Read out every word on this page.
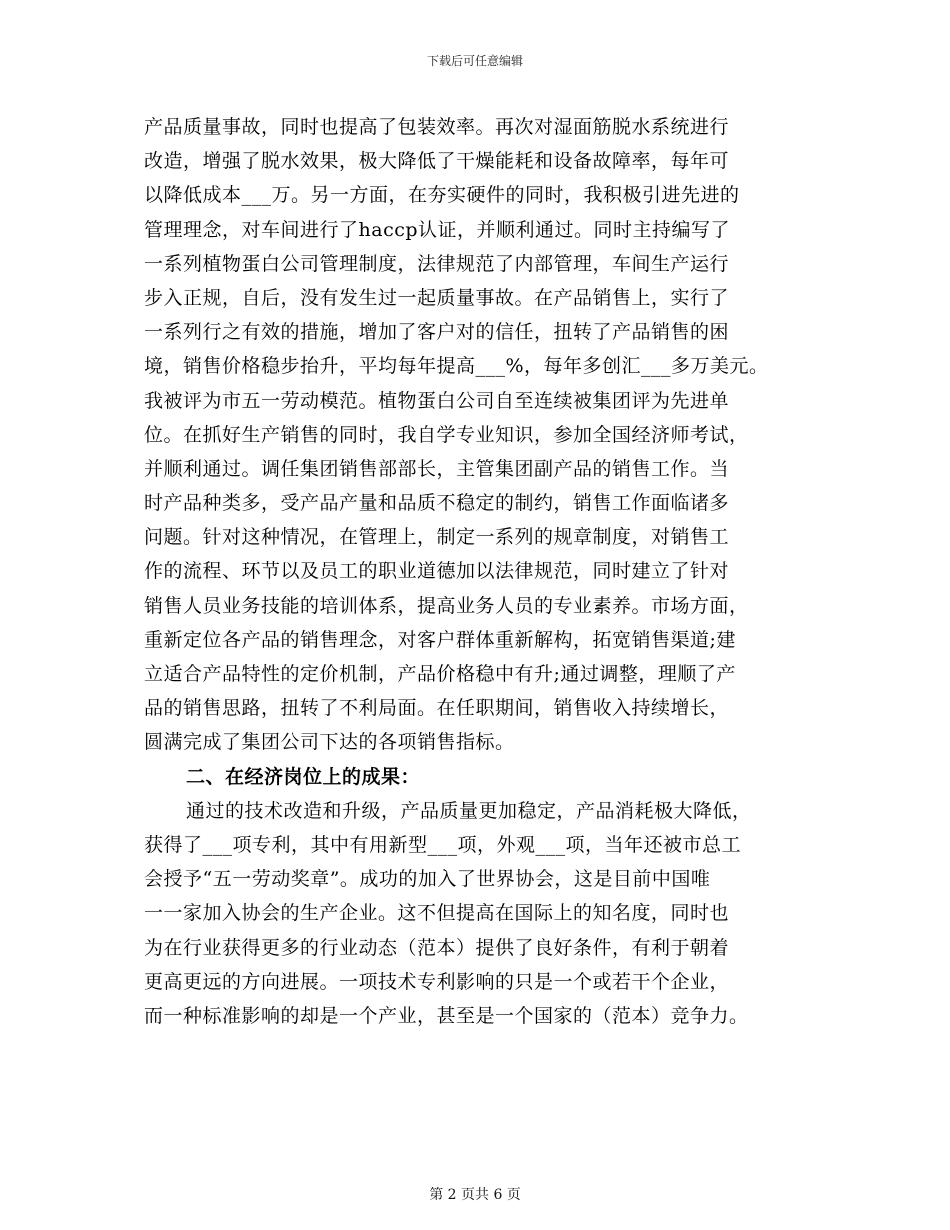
下载后可任意编辑
产品质量事故，同时也提高了包装效率。再次对湿面筋脱水系统进行
改造，增强了脱水效果，极大降低了干燥能耗和设备故障率，每年可
以降低成本___万。另一方面，在夯实硬件的同时，我积极引进先进的
管理理念，对车间进行了haccp认证，并顺利通过。同时主持编写了
一系列植物蛋白公司管理制度，法律规范了内部管理，车间生产运行
步入正规，自后，没有发生过一起质量事故。在产品销售上，实行了
一系列行之有效的措施，增加了客户对的信任，扭转了产品销售的困
境，销售价格稳步抬升，平均每年提高___%，每年多创汇___多万美元。
我被评为市五一劳动模范。植物蛋白公司自至连续被集团评为先进单
位。在抓好生产销售的同时，我自学专业知识，参加全国经济师考试，
并顺利通过。调任集团销售部部长，主管集团副产品的销售工作。当
时产品种类多，受产品产量和品质不稳定的制约，销售工作面临诸多
问题。针对这种情况，在管理上，制定一系列的规章制度，对销售工
作的流程、环节以及员工的职业道德加以法律规范，同时建立了针对
销售人员业务技能的培训体系，提高业务人员的专业素养。市场方面，
重新定位各产品的销售理念，对客户群体重新解构，拓宽销售渠道;建
立适合产品特性的定价机制，产品价格稳中有升;通过调整，理顺了产
品的销售思路，扭转了不利局面。在任职期间，销售收入持续增长，
圆满完成了集团公司下达的各项销售指标。
二、在经济岗位上的成果：
通过的技术改造和升级，产品质量更加稳定，产品消耗极大降低，
获得了___项专利，其中有用新型___项，外观___项，当年还被市总工
会授予“五一劳动奖章”。成功的加入了世界协会，这是目前中国唯
一一家加入协会的生产企业。这不但提高在国际上的知名度，同时也
为在行业获得更多的行业动态（范本）提供了良好条件，有利于朝着
更高更远的方向进展。一项技术专利影响的只是一个或若干个企业，
而一种标准影响的却是一个产业，甚至是一个国家的（范本）竞争力。
第 2 页共 6 页
